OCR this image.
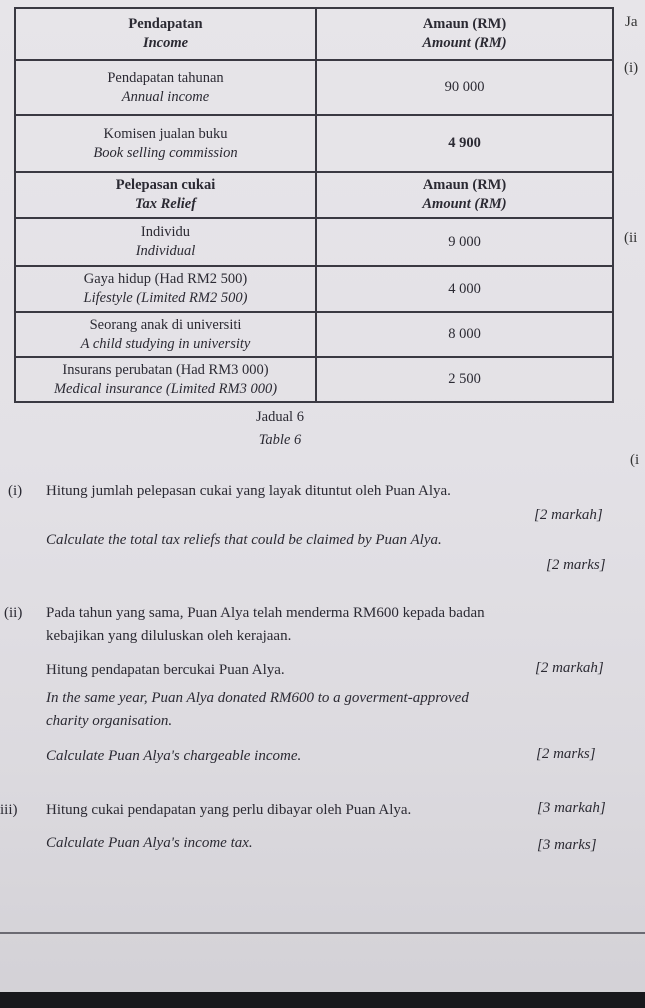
Pendapatan
Income	Amaun (RM)
Amount (RM)

Pendapatan tahunan
Annual income	90 000

Komisen jualan buku
Book selling commission	4 900

Pelepasan cukai
Tax Relief	Amaun (RM)
Amount (RM)

Individu
Individual	9 000

Gaya hidup (Had RM2 500)
Lifestyle (Limited RM2 500)	4 000

Seorang anak di universiti
A child studying in university	8 000

Insurans perubatan (Had RM3 000)
Medical insurance (Limited RM3 000)	2 500
Ja
(i)
(ii
(i
Jadual 6
Table 6
(i) Hitung jumlah pelepasan cukai yang layak dituntut oleh Puan Alya.
[2 markah]
Calculate the total tax reliefs that could be claimed by Puan Alya.
[2 marks]
(ii) Pada tahun yang sama, Puan Alya telah menderma RM600 kepada badan
kebajikan yang diluluskan oleh kerajaan.
Hitung pendapatan bercukai Puan Alya.	[2 markah]
In the same year, Puan Alya donated RM600 to a goverment-approved
charity organisation.
Calculate Puan Alya's chargeable income.	[2 marks]
iii) Hitung cukai pendapatan yang perlu dibayar oleh Puan Alya.	[3 markah]
Calculate Puan Alya's income tax.	[3 marks]
